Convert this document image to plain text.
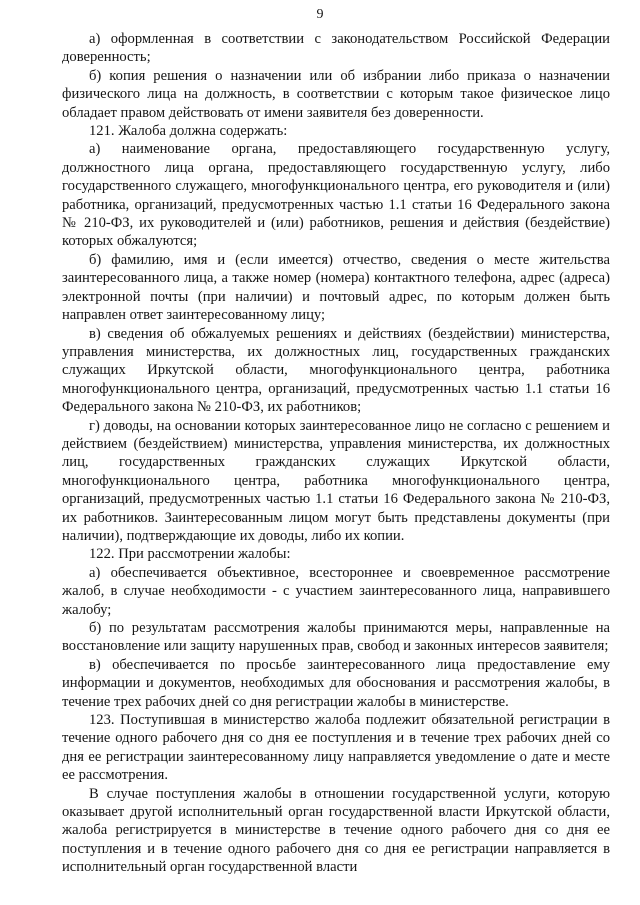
9

а) оформленная в соответствии с законодательством Российской Федерации доверенность;

б) копия решения о назначении или об избрании либо приказа о назначении физического лица на должность, в соответствии с которым такое физическое лицо обладает правом действовать от имени заявителя без доверенности.

121. Жалоба должна содержать:

а) наименование органа, предоставляющего государственную услугу, должностного лица органа, предоставляющего государственную услугу, либо государственного служащего, многофункционального центра, его руководителя и (или) работника, организаций, предусмотренных частью 1.1 статьи 16 Федерального закона № 210-ФЗ, их руководителей и (или) работников, решения и действия (бездействие) которых обжалуются;

б) фамилию, имя и (если имеется) отчество, сведения о месте жительства заинтересованного лица, а также номер (номера) контактного телефона, адрес (адреса) электронной почты (при наличии) и почтовый адрес, по которым должен быть направлен ответ заинтересованному лицу;

в) сведения об обжалуемых решениях и действиях (бездействии) министерства, управления министерства, их должностных лиц, государственных гражданских служащих Иркутской области, многофункционального центра, работника многофункционального центра, организаций, предусмотренных частью 1.1 статьи 16 Федерального закона № 210-ФЗ, их работников;

г) доводы, на основании которых заинтересованное лицо не согласно с решением и действием (бездействием) министерства, управления министерства, их должностных лиц, государственных гражданских служащих Иркутской области, многофункционального центра, работника многофункционального центра, организаций, предусмотренных частью 1.1 статьи 16 Федерального закона № 210-ФЗ, их работников. Заинтересованным лицом могут быть представлены документы (при наличии), подтверждающие их доводы, либо их копии.

122. При рассмотрении жалобы:

а) обеспечивается объективное, всестороннее и своевременное рассмотрение жалоб, в случае необходимости - с участием заинтересованного лица, направившего жалобу;

б) по результатам рассмотрения жалобы принимаются меры, направленные на восстановление или защиту нарушенных прав, свобод и законных интересов заявителя;

в) обеспечивается по просьбе заинтересованного лица предоставление ему информации и документов, необходимых для обоснования и рассмотрения жалобы, в течение трех рабочих дней со дня регистрации жалобы в министерстве.

123. Поступившая в министерство жалоба подлежит обязательной регистрации в течение одного рабочего дня со дня ее поступления и в течение трех рабочих дней со дня ее регистрации заинтересованному лицу направляется уведомление о дате и месте ее рассмотрения.

В случае поступления жалобы в отношении государственной услуги, которую оказывает другой исполнительный орган государственной власти Иркутской области, жалоба регистрируется в министерстве в течение одного рабочего дня со дня ее поступления и в течение одного рабочего дня со дня ее регистрации направляется в исполнительный орган государственной власти
